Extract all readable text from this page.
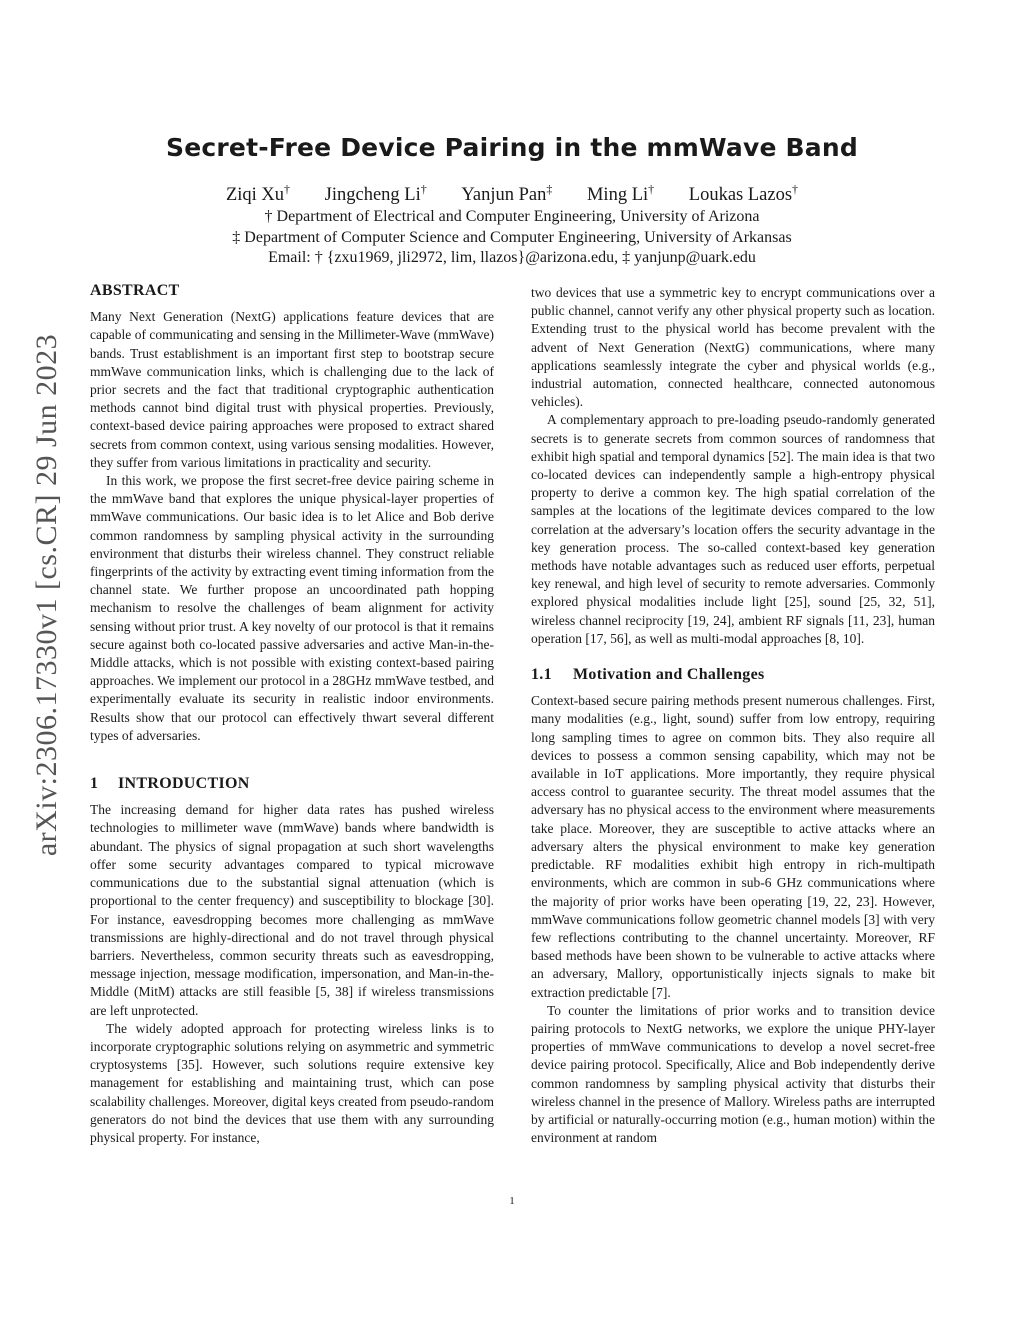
Secret-Free Device Pairing in the mmWave Band
Ziqi Xu† Jingcheng Li† Yanjun Pan‡ Ming Li† Loukas Lazos†
† Department of Electrical and Computer Engineering, University of Arizona
‡ Department of Computer Science and Computer Engineering, University of Arkansas
Email: † {zxu1969, jli2972, lim, llazos}@arizona.edu, ‡ yanjunp@uark.edu
arXiv:2306.17330v1 [cs.CR] 29 Jun 2023
ABSTRACT

Many Next Generation (NextG) applications feature devices that are capable of communicating and sensing in the Millimeter-Wave (mmWave) bands. Trust establishment is an important first step to bootstrap secure mmWave communication links, which is challenging due to the lack of prior secrets and the fact that traditional cryptographic authentication methods cannot bind digital trust with physical properties. Previously, context-based device pairing approaches were proposed to extract shared secrets from common context, using various sensing modalities. However, they suffer from various limitations in practicality and security.

In this work, we propose the first secret-free device pairing scheme in the mmWave band that explores the unique physical-layer properties of mmWave communications. Our basic idea is to let Alice and Bob derive common randomness by sampling physical activity in the surrounding environment that disturbs their wireless channel. They construct reliable fingerprints of the activity by extracting event timing information from the channel state. We further propose an uncoordinated path hopping mechanism to resolve the challenges of beam alignment for activity sensing without prior trust. A key novelty of our protocol is that it remains secure against both co-located passive adversaries and active Man-in-the-Middle attacks, which is not possible with existing context-based pairing approaches. We implement our protocol in a 28GHz mmWave testbed, and experimentally evaluate its security in realistic indoor environments. Results show that our protocol can effectively thwart several different types of adversaries.

1 INTRODUCTION

The increasing demand for higher data rates has pushed wireless technologies to millimeter wave (mmWave) bands where bandwidth is abundant. The physics of signal propagation at such short wavelengths offer some security advantages compared to typical microwave communications due to the substantial signal attenuation (which is proportional to the center frequency) and susceptibility to blockage [30]. For instance, eavesdropping becomes more challenging as mmWave transmissions are highly-directional and do not travel through physical barriers. Nevertheless, common security threats such as eavesdropping, message injection, message modification, impersonation, and Man-in-the-Middle (MitM) attacks are still feasible [5, 38] if wireless transmissions are left unprotected.

The widely adopted approach for protecting wireless links is to incorporate cryptographic solutions relying on asymmetric and symmetric cryptosystems [35]. However, such solutions require extensive key management for establishing and maintaining trust, which can pose scalability challenges. Moreover, digital keys created from pseudo-random generators do not bind the devices that use them with any surrounding physical property. For instance,

two devices that use a symmetric key to encrypt communications over a public channel, cannot verify any other physical property such as location. Extending trust to the physical world has become prevalent with the advent of Next Generation (NextG) communications, where many applications seamlessly integrate the cyber and physical worlds (e.g., industrial automation, connected healthcare, connected autonomous vehicles).

A complementary approach to pre-loading pseudo-randomly generated secrets is to generate secrets from common sources of randomness that exhibit high spatial and temporal dynamics [52]. The main idea is that two co-located devices can independently sample a high-entropy physical property to derive a common key. The high spatial correlation of the samples at the locations of the legitimate devices compared to the low correlation at the adversary’s location offers the security advantage in the key generation process. The so-called context-based key generation methods have notable advantages such as reduced user efforts, perpetual key renewal, and high level of security to remote adversaries. Commonly explored physical modalities include light [25], sound [25, 32, 51], wireless channel reciprocity [19, 24], ambient RF signals [11, 23], human operation [17, 56], as well as multi-modal approaches [8, 10].

1.1 Motivation and Challenges

Context-based secure pairing methods present numerous challenges. First, many modalities (e.g., light, sound) suffer from low entropy, requiring long sampling times to agree on common bits. They also require all devices to possess a common sensing capability, which may not be available in IoT applications. More importantly, they require physical access control to guarantee security. The threat model assumes that the adversary has no physical access to the environment where measurements take place. Moreover, they are susceptible to active attacks where an adversary alters the physical environment to make key generation predictable. RF modalities exhibit high entropy in rich-multipath environments, which are common in sub-6 GHz communications where the majority of prior works have been operating [19, 22, 23]. However, mmWave communications follow geometric channel models [3] with very few reflections contributing to the channel uncertainty. Moreover, RF based methods have been shown to be vulnerable to active attacks where an adversary, Mallory, opportunistically injects signals to make bit extraction predictable [7].

To counter the limitations of prior works and to transition device pairing protocols to NextG networks, we explore the unique PHY-layer properties of mmWave communications to develop a novel secret-free device pairing protocol. Specifically, Alice and Bob independently derive common randomness by sampling physical activity that disturbs their wireless channel in the presence of Mallory. Wireless paths are interrupted by artificial or naturally-occurring motion (e.g., human motion) within the environment at random

1
